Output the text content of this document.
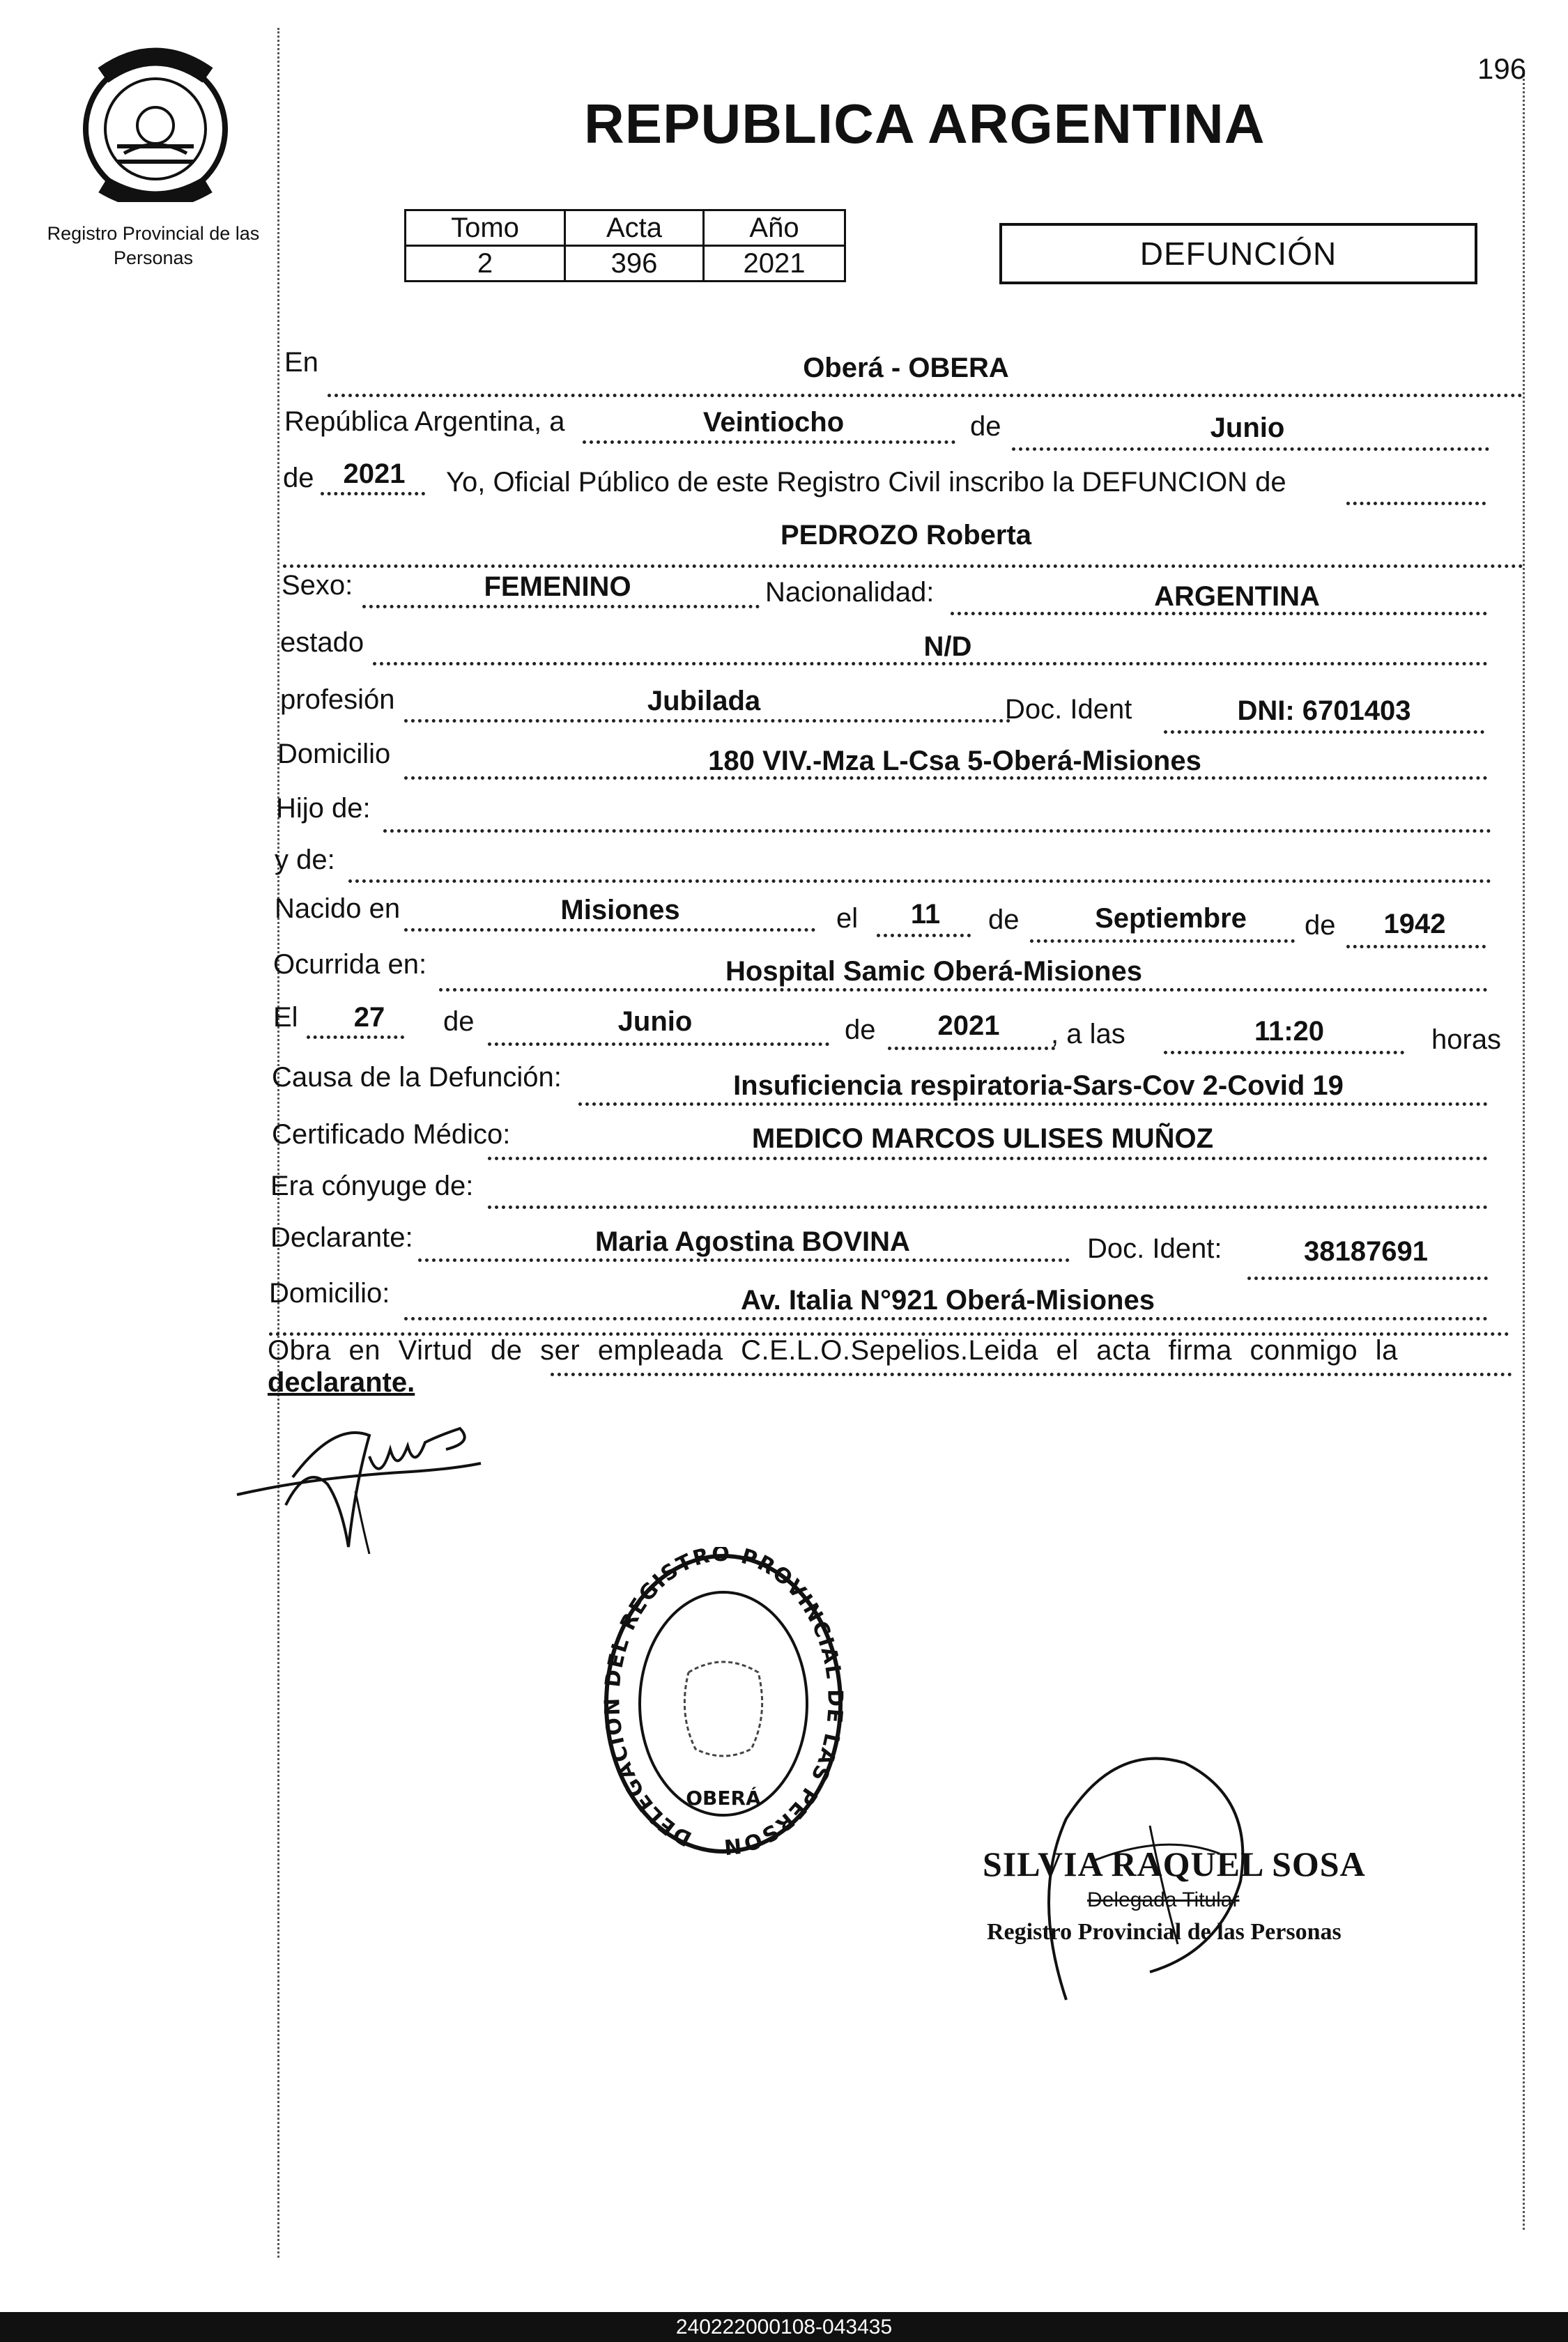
196
Registro Provincial de las Personas
REPUBLICA ARGENTINA
Tomo	Acta	Año
2	396	2021	DEFUNCIÓN
En	Oberá - OBERA
República Argentina, a	Veintiocho	de	Junio
de	2021	Yo, Oficial Público de este Registro Civil inscribo la DEFUNCION de
PEDROZO Roberta
Sexo:	FEMENINO	Nacionalidad:	ARGENTINA
estado	N/D
profesión	Jubilada	Doc. Ident	DNI: 6701403
Domicilio	180 VIV.-Mza L-Csa 5-Oberá-Misiones
Hijo de:
y de:
Nacido en	Misiones	el	11	de	Septiembre	de	1942
Ocurrida en:	Hospital Samic Oberá-Misiones
El	27	de	Junio	de	2021	, a las	11:20	horas
Causa de la Defunción:	Insuficiencia respiratoria-Sars-Cov 2-Covid 19
Certificado Médico:	MEDICO MARCOS ULISES MUÑOZ
Era cónyuge de:
Declarante:	Maria Agostina BOVINA	Doc. Ident:	38187691
Domicilio:	Av. Italia N°921 Oberá-Misiones
Obra en Virtud de ser empleada C.E.L.O.Sepelios.Leida el acta firma conmigo la
declarante.
DELEGACION DEL REGISTRO PROVINCIAL DE LAS PERSON
OBERÁ
SILVIA RAQUEL SOSA
Delegada Titular
Registro Provincial de las Personas
240222000108-043435
